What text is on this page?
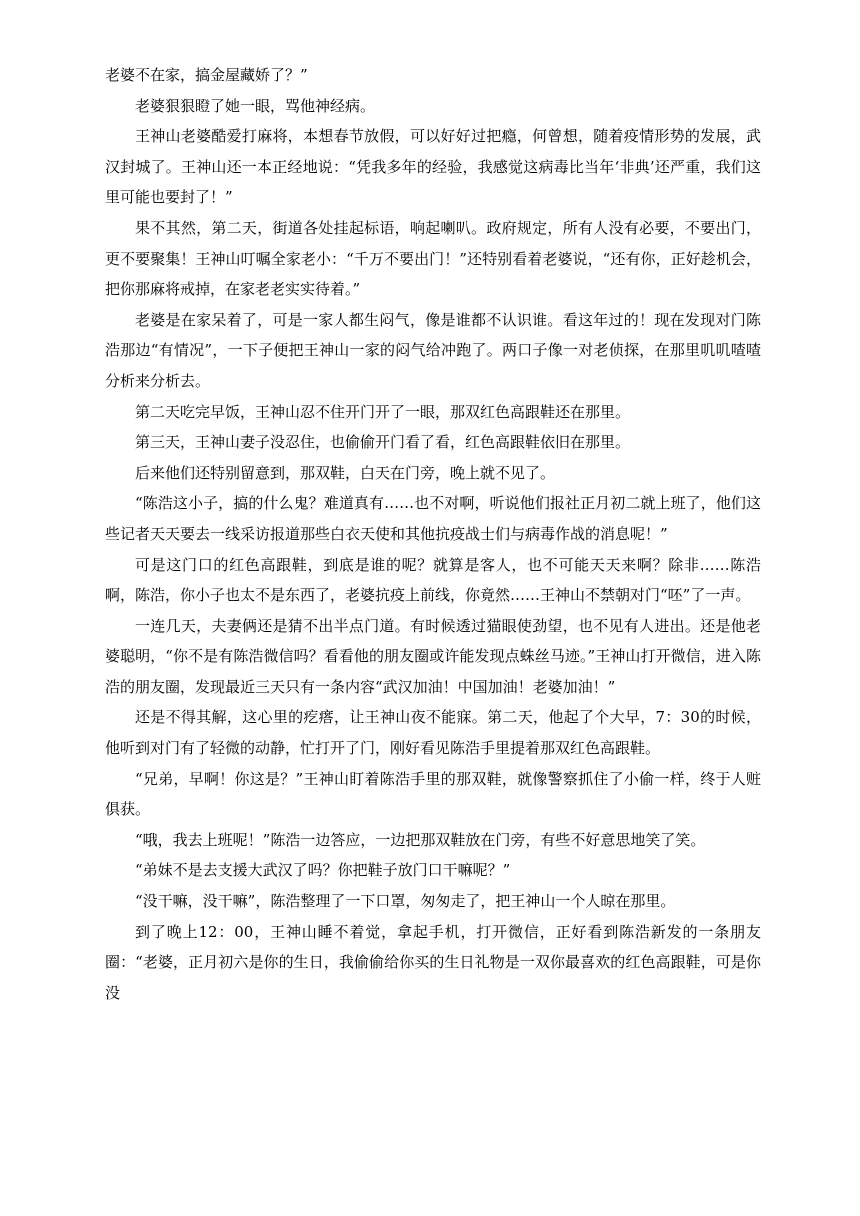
老婆不在家，搞金屋藏娇了？”

老婆狠狠瞪了她一眼，骂他神经病。

王神山老婆酷爱打麻将，本想春节放假，可以好好过把瘾，何曾想，随着疫情形势的发展，武汉封城了。王神山还一本正经地说：“凭我多年的经验，我感觉这病毒比当年‘非典’还严重，我们这里可能也要封了！”

果不其然，第二天，街道各处挂起标语，响起喇叭。政府规定，所有人没有必要，不要出门，更不要聚集！王神山叮嘱全家老小：“千万不要出门！”还特别看着老婆说，“还有你，正好趁机会，把你那麻将戒掉，在家老老实实待着。”

老婆是在家呆着了，可是一家人都生闷气，像是谁都不认识谁。看这年过的！现在发现对门陈浩那边“有情况”，一下子便把王神山一家的闷气给冲跑了。两口子像一对老侦探，在那里叽叽喳喳分析来分析去。

第二天吃完早饭，王神山忍不住开门开了一眼，那双红色高跟鞋还在那里。

第三天，王神山妻子没忍住，也偷偷开门看了看，红色高跟鞋依旧在那里。

后来他们还特别留意到，那双鞋，白天在门旁，晚上就不见了。

“陈浩这小子，搞的什么鬼？难道真有……也不对啊，听说他们报社正月初二就上班了，他们这些记者天天要去一线采访报道那些白衣天使和其他抗疫战士们与病毒作战的消息呢！”

可是这门口的红色高跟鞋，到底是谁的呢？就算是客人，也不可能天天来啊？除非……陈浩啊，陈浩，你小子也太不是东西了，老婆抗疫上前线，你竟然……王神山不禁朝对门“呸”了一声。

一连几天，夫妻俩还是猜不出半点门道。有时候透过猫眼使劲望，也不见有人进出。还是他老婆聪明，“你不是有陈浩微信吗？看看他的朋友圈或许能发现点蛛丝马迹。”王神山打开微信，进入陈浩的朋友圈，发现最近三天只有一条内容“武汉加油！中国加油！老婆加油！”

还是不得其解，这心里的疙瘩，让王神山夜不能寐。第二天，他起了个大早，7：30的时候，他听到对门有了轻微的动静，忙打开了门，刚好看见陈浩手里提着那双红色高跟鞋。

“兄弟，早啊！你这是？”王神山盯着陈浩手里的那双鞋，就像警察抓住了小偷一样，终于人赃俱获。

“哦，我去上班呢！”陈浩一边答应，一边把那双鞋放在门旁，有些不好意思地笑了笑。

“弟妹不是去支援大武汉了吗？你把鞋子放门口干嘛呢？”

“没干嘛，没干嘛”，陈浩整理了一下口罩，匆匆走了，把王神山一个人晾在那里。

到了晚上12：00，王神山睡不着觉，拿起手机，打开微信，正好看到陈浩新发的一条朋友圈：“老婆，正月初六是你的生日，我偷偷给你买的生日礼物是一双你最喜欢的红色高跟鞋，可是你没
